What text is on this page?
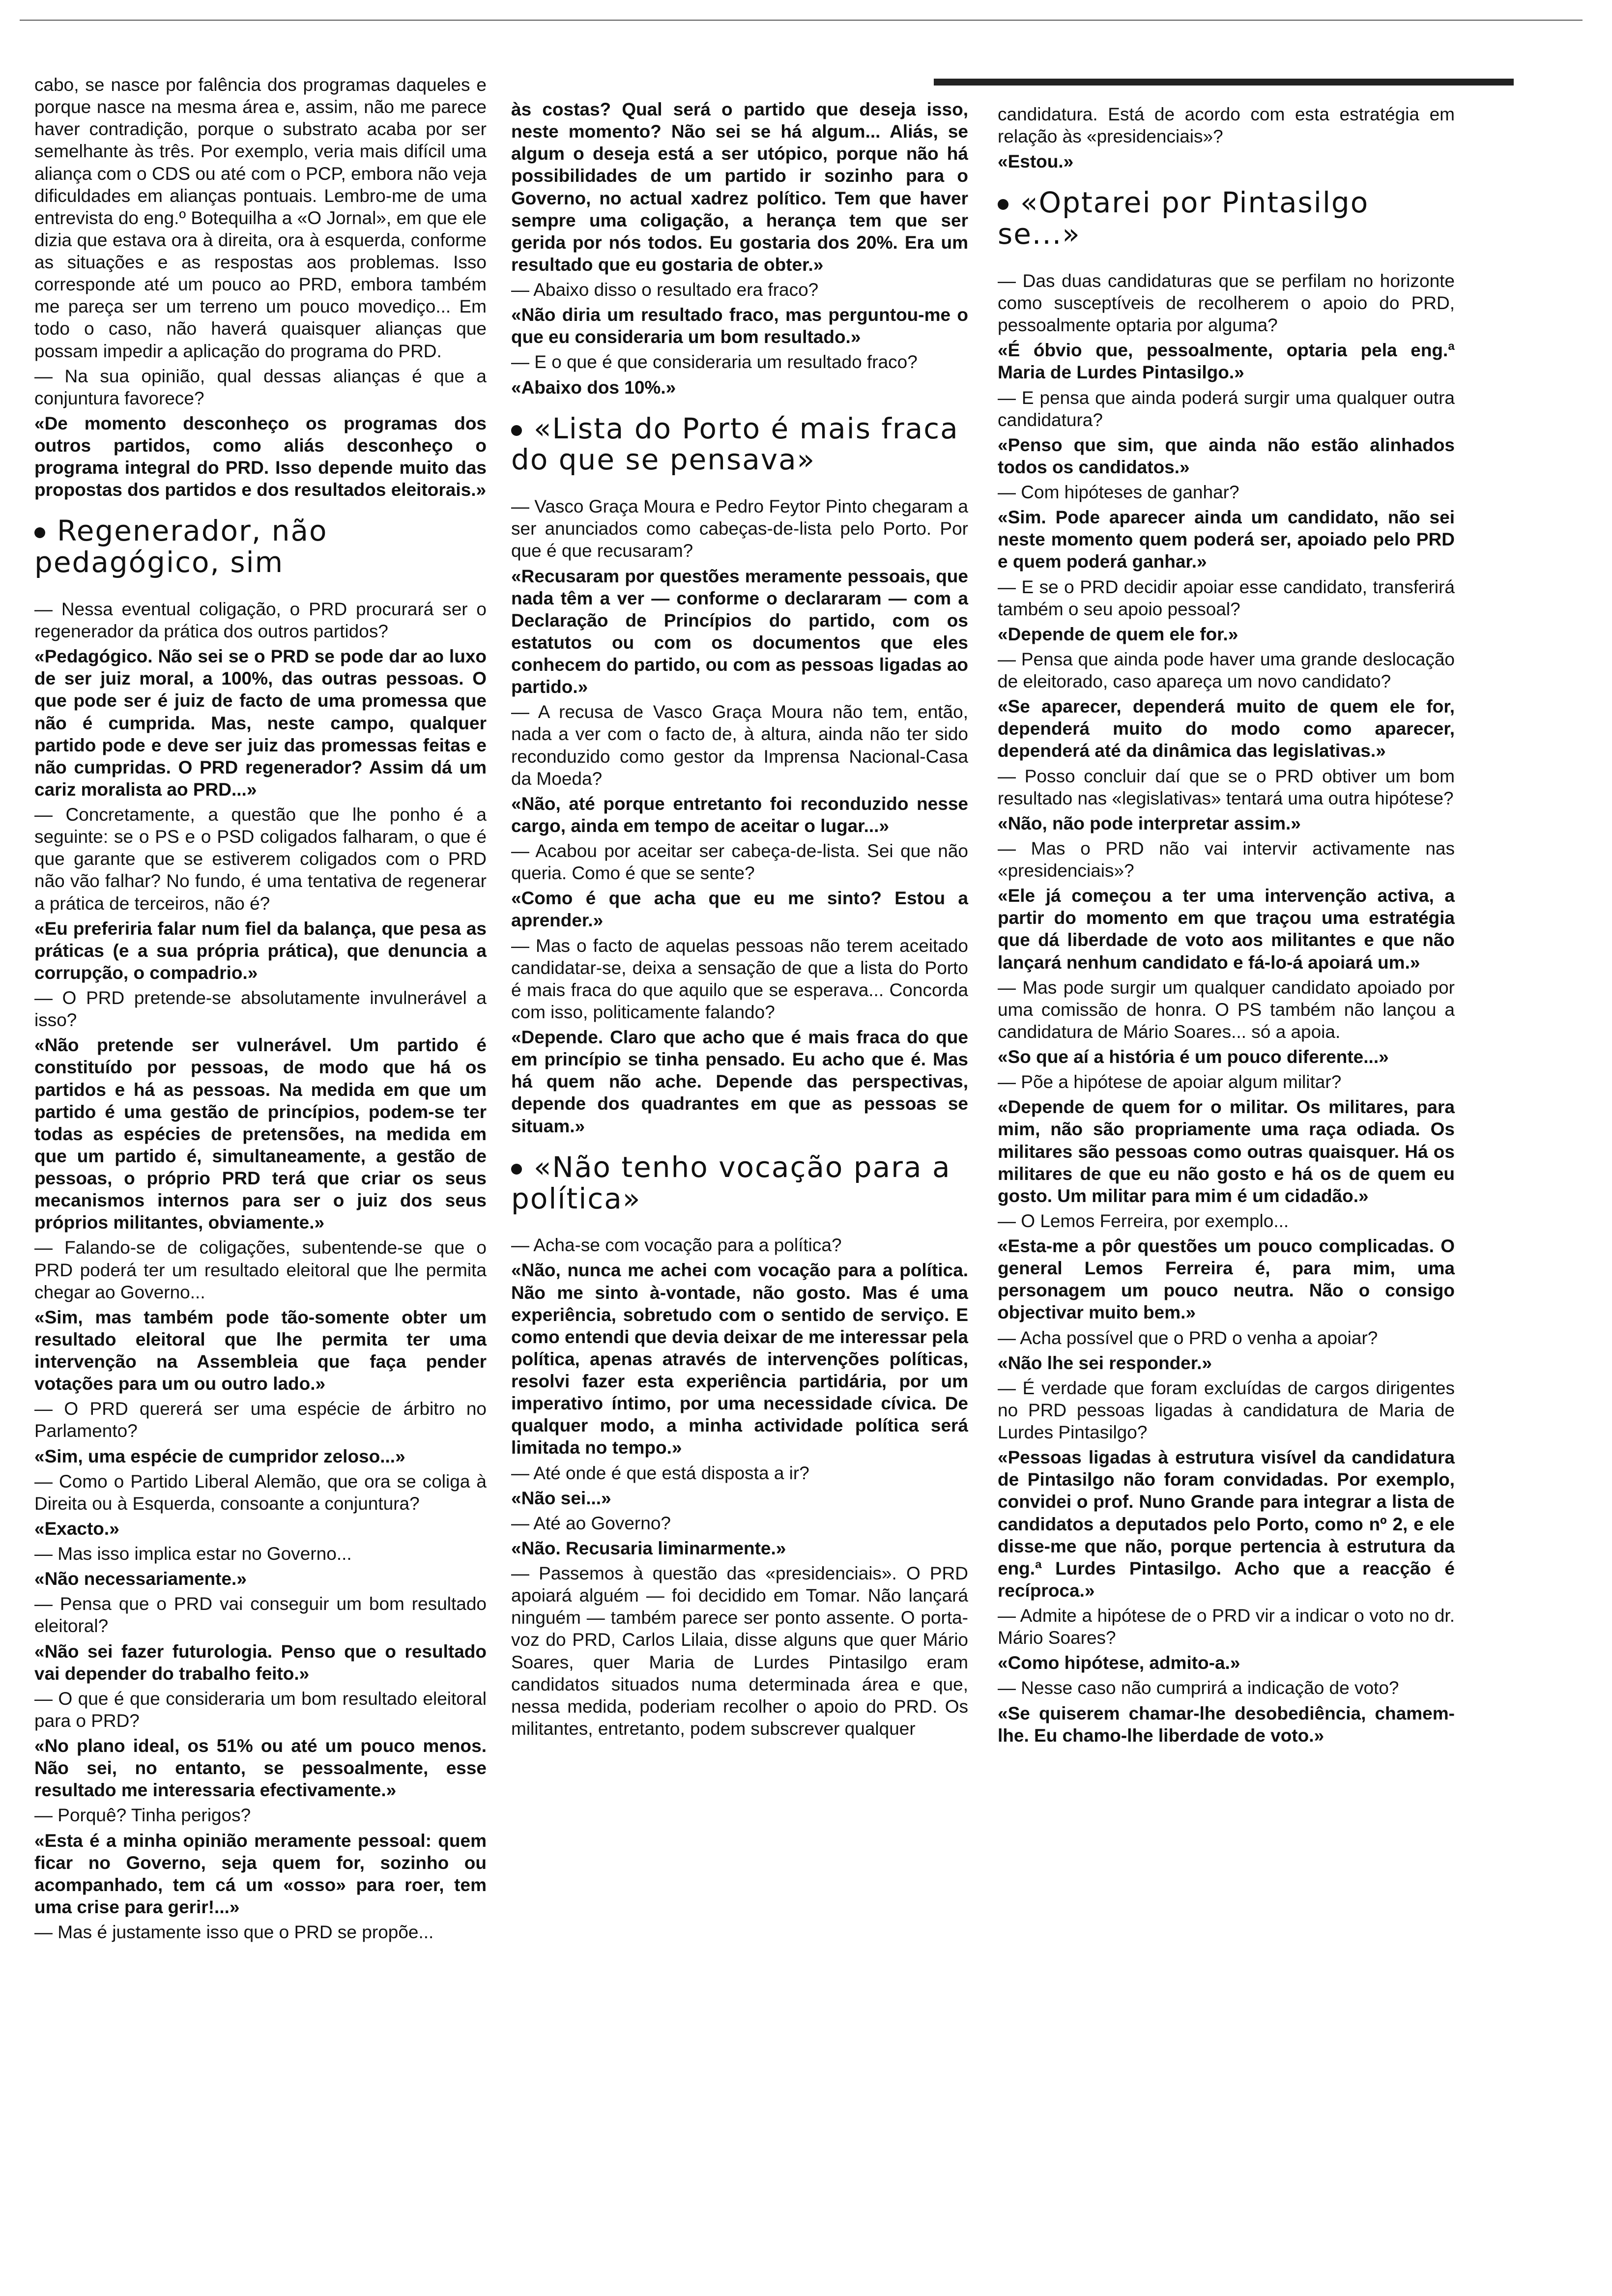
cabo, se nasce por falência dos programas daqueles e porque nasce na mesma área e, assim, não me parece haver contradição, porque o substrato acaba por ser semelhante às três. Por exemplo, veria mais difícil uma aliança com o CDS ou até com o PCP, embora não veja dificuldades em alianças pontuais. Lembro-me de uma entrevista do eng.º Botequilha a «O Jornal», em que ele dizia que estava ora à direita, ora à esquerda, conforme as situações e as respostas aos problemas. Isso corresponde até um pouco ao PRD, embora também me pareça ser um terreno um pouco movediço... Em todo o caso, não haverá quaisquer alianças que possam impedir a aplicação do programa do PRD.

— Na sua opinião, qual dessas alianças é que a conjuntura favorece?

«De momento desconheço os programas dos outros partidos, como aliás desconheço o programa integral do PRD. Isso depende muito das propostas dos partidos e dos resultados eleitorais.»

Regenerador, não pedagógico, sim

— Nessa eventual coligação, o PRD procurará ser o regenerador da prática dos outros partidos?

«Pedagógico. Não sei se o PRD se pode dar ao luxo de ser juiz moral, a 100%, das outras pessoas. O que pode ser é juiz de facto de uma promessa que não é cumprida. Mas, neste campo, qualquer partido pode e deve ser juiz das promessas feitas e não cumpridas. O PRD regenerador? Assim dá um cariz moralista ao PRD...»

— Concretamente, a questão que lhe ponho é a seguinte: se o PS e o PSD coligados falharam, o que é que garante que se estiverem coligados com o PRD não vão falhar? No fundo, é uma tentativa de regenerar a prática de terceiros, não é?

«Eu preferiria falar num fiel da balança, que pesa as práticas (e a sua própria prática), que denuncia a corrupção, o compadrio.»

— O PRD pretende-se absolutamente invulnerável a isso?

«Não pretende ser vulnerável. Um partido é constituído por pessoas, de modo que há os partidos e há as pessoas. Na medida em que um partido é uma gestão de princípios, podem-se ter todas as espécies de pretensões, na medida em que um partido é, simultaneamente, a gestão de pessoas, o próprio PRD terá que criar os seus mecanismos internos para ser o juiz dos seus próprios militantes, obviamente.»

— Falando-se de coligações, subentende-se que o PRD poderá ter um resultado eleitoral que lhe permita chegar ao Governo...

«Sim, mas também pode tão-somente obter um resultado eleitoral que lhe permita ter uma intervenção na Assembleia que faça pender votações para um ou outro lado.»

— O PRD quererá ser uma espécie de árbitro no Parlamento?

«Sim, uma espécie de cumpridor zeloso...»

— Como o Partido Liberal Alemão, que ora se coliga à Direita ou à Esquerda, consoante a conjuntura?

«Exacto.»

— Mas isso implica estar no Governo...

«Não necessariamente.»

— Pensa que o PRD vai conseguir um bom resultado eleitoral?

«Não sei fazer futurologia. Penso que o resultado vai depender do trabalho feito.»

— O que é que consideraria um bom resultado eleitoral para o PRD?

«No plano ideal, os 51% ou até um pouco menos. Não sei, no entanto, se pessoalmente, esse resultado me interessaria efectivamente.»

— Porquê? Tinha perigos?

«Esta é a minha opinião meramente pessoal: quem ficar no Governo, seja quem for, sozinho ou acompanhado, tem cá um «osso» para roer, tem uma crise para gerir!...»

— Mas é justamente isso que o PRD se propõe...

às costas? Qual será o partido que deseja isso, neste momento? Não sei se há algum... Aliás, se algum o deseja está a ser utópico, porque não há possibilidades de um partido ir sozinho para o Governo, no actual xadrez político. Tem que haver sempre uma coligação, a herança tem que ser gerida por nós todos. Eu gostaria dos 20%. Era um resultado que eu gostaria de obter.»

— Abaixo disso o resultado era fraco?

«Não diria um resultado fraco, mas perguntou-me o que eu consideraria um bom resultado.»

— E o que é que consideraria um resultado fraco?

«Abaixo dos 10%.»

«Lista do Porto é mais fraca do que se pensava»

— Vasco Graça Moura e Pedro Feytor Pinto chegaram a ser anunciados como cabeças-de-lista pelo Porto. Por que é que recusaram?

«Recusaram por questões meramente pessoais, que nada têm a ver — conforme o declararam — com a Declaração de Princípios do partido, com os estatutos ou com os documentos que eles conhecem do partido, ou com as pessoas ligadas ao partido.»

— A recusa de Vasco Graça Moura não tem, então, nada a ver com o facto de, à altura, ainda não ter sido reconduzido como gestor da Imprensa Nacional-Casa da Moeda?

«Não, até porque entretanto foi reconduzido nesse cargo, ainda em tempo de aceitar o lugar...»

— Acabou por aceitar ser cabeça-de-lista. Sei que não queria. Como é que se sente?

«Como é que acha que eu me sinto? Estou a aprender.»

— Mas o facto de aquelas pessoas não terem aceitado candidatar-se, deixa a sensação de que a lista do Porto é mais fraca do que aquilo que se esperava... Concorda com isso, politicamente falando?

«Depende. Claro que acho que é mais fraca do que em princípio se tinha pensado. Eu acho que é. Mas há quem não ache. Depende das perspectivas, depende dos quadrantes em que as pessoas se situam.»

«Não tenho vocação para a política»

— Acha-se com vocação para a política?

«Não, nunca me achei com vocação para a política. Não me sinto à-vontade, não gosto. Mas é uma experiência, sobretudo com o sentido de serviço. E como entendi que devia deixar de me interessar pela política, apenas através de intervenções políticas, resolvi fazer esta experiência partidária, por um imperativo íntimo, por uma necessidade cívica. De qualquer modo, a minha actividade política será limitada no tempo.»

— Até onde é que está disposta a ir?

«Não sei...»

— Até ao Governo?

«Não. Recusaria liminarmente.»

— Passemos à questão das «presidenciais». O PRD apoiará alguém — foi decidido em Tomar. Não lançará ninguém — também parece ser ponto assente. O porta-voz do PRD, Carlos Lilaia, disse alguns que quer Mário Soares, quer Maria de Lurdes Pintasilgo eram candidatos situados numa determinada área e que, nessa medida, poderiam recolher o apoio do PRD. Os militantes, entretanto, podem subscrever qualquer

candidatura. Está de acordo com esta estratégia em relação às «presidenciais»?

«Estou.»

«Optarei por Pintasilgo se...»

— Das duas candidaturas que se perfilam no horizonte como susceptíveis de recolherem o apoio do PRD, pessoalmente optaria por alguma?

«É óbvio que, pessoalmente, optaria pela eng.ª Maria de Lurdes Pintasilgo.»

— E pensa que ainda poderá surgir uma qualquer outra candidatura?

«Penso que sim, que ainda não estão alinhados todos os candidatos.»

— Com hipóteses de ganhar?

«Sim. Pode aparecer ainda um candidato, não sei neste momento quem poderá ser, apoiado pelo PRD e quem poderá ganhar.»

— E se o PRD decidir apoiar esse candidato, transferirá também o seu apoio pessoal?

«Depende de quem ele for.»

— Pensa que ainda pode haver uma grande deslocação de eleitorado, caso apareça um novo candidato?

«Se aparecer, dependerá muito de quem ele for, dependerá muito do modo como aparecer, dependerá até da dinâmica das legislativas.»

— Posso concluir daí que se o PRD obtiver um bom resultado nas «legislativas» tentará uma outra hipótese?

«Não, não pode interpretar assim.»

— Mas o PRD não vai intervir activamente nas «presidenciais»?

«Ele já começou a ter uma intervenção activa, a partir do momento em que traçou uma estratégia que dá liberdade de voto aos militantes e que não lançará nenhum candidato e fá-lo-á apoiará um.»

— Mas pode surgir um qualquer candidato apoiado por uma comissão de honra. O PS também não lançou a candidatura de Mário Soares... só a apoia.

«So que aí a história é um pouco diferente...»

— Põe a hipótese de apoiar algum militar?

«Depende de quem for o militar. Os militares, para mim, não são propriamente uma raça odiada. Os militares são pessoas como outras quaisquer. Há os militares de que eu não gosto e há os de quem eu gosto. Um militar para mim é um cidadão.»

— O Lemos Ferreira, por exemplo...

«Esta-me a pôr questões um pouco complicadas. O general Lemos Ferreira é, para mim, uma personagem um pouco neutra. Não o consigo objectivar muito bem.»

— Acha possível que o PRD o venha a apoiar?

«Não lhe sei responder.»

— É verdade que foram excluídas de cargos dirigentes no PRD pessoas ligadas à candidatura de Maria de Lurdes Pintasilgo?

«Pessoas ligadas à estrutura visível da candidatura de Pintasilgo não foram convidadas. Por exemplo, convidei o prof. Nuno Grande para integrar a lista de candidatos a deputados pelo Porto, como nº 2, e ele disse-me que não, porque pertencia à estrutura da eng.ª Lurdes Pintasilgo. Acho que a reacção é recíproca.»

— Admite a hipótese de o PRD vir a indicar o voto no dr. Mário Soares?

«Como hipótese, admito-a.»

— Nesse caso não cumprirá a indicação de voto?

«Se quiserem chamar-lhe desobediência, chamem-lhe. Eu chamo-lhe liberdade de voto.»
